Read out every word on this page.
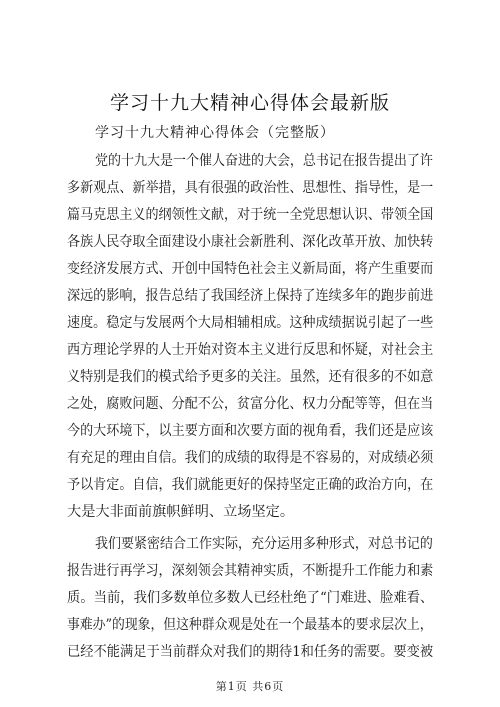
学习十九大精神心得体会最新版
学习十九大精神心得体会（完整版）
党的十九大是一个催人奋进的大会，总书记在报告提出了许
多新观点、新举措，具有很强的政治性、思想性、指导性，是一
篇马克思主义的纲领性文献，对于统一全党思想认识、带领全国
各族人民夺取全面建设小康社会新胜利、深化改革开放、加快转
变经济发展方式、开创中国特色社会主义新局面，将产生重要而
深远的影响，报告总结了我国经济上保持了连续多年的跑步前进
速度。稳定与发展两个大局相辅相成。这种成绩据说引起了一些
西方理论学界的人士开始对资本主义进行反思和怀疑，对社会主
义特别是我们的模式给予更多的关注。虽然，还有很多的不如意
之处，腐败问题、分配不公，贫富分化、权力分配等等，但在当
今的大环境下，以主要方面和次要方面的视角看，我们还是应该
有充足的理由自信。我们的成绩的取得是不容易的，对成绩必须
予以肯定。自信，我们就能更好的保持坚定正确的政治方向，在
大是大非面前旗帜鲜明、立场坚定。
我们要紧密结合工作实际，充分运用多种形式，对总书记的
报告进行再学习，深刻领会其精神实质，不断提升工作能力和素
质。当前，我们多数单位多数人已经杜绝了“门难进、脸难看、
事难办”的现象，但这种群众观是处在一个最基本的要求层次上，
已经不能满足于当前群众对我们的期待1和任务的需要。要变被
第1页 共6页
